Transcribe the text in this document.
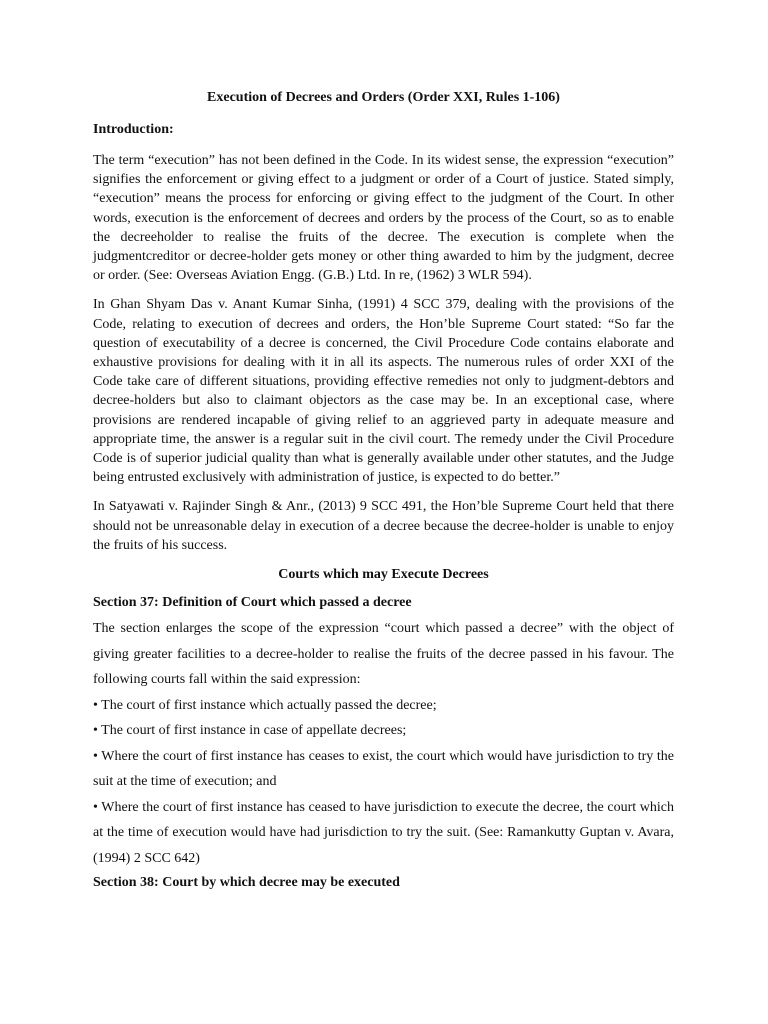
Execution of Decrees and Orders (Order XXI, Rules 1-106)
Introduction:

The term “execution” has not been defined in the Code. In its widest sense, the expression “execution” signifies the enforcement or giving effect to a judgment or order of a Court of justice. Stated simply, “execution” means the process for enforcing or giving effect to the judgment of the Court. In other words, execution is the enforcement of decrees and orders by the process of the Court, so as to enable the decreeholder to realise the fruits of the decree. The execution is complete when the judgmentcreditor or decree-holder gets money or other thing awarded to him by the judgment, decree or order. (See: Overseas Aviation Engg. (G.B.) Ltd. In re, (1962) 3 WLR 594).

In Ghan Shyam Das v. Anant Kumar Sinha, (1991) 4 SCC 379, dealing with the provisions of the Code, relating to execution of decrees and orders, the Hon’ble Supreme Court stated: “So far the question of executability of a decree is concerned, the Civil Procedure Code contains elaborate and exhaustive provisions for dealing with it in all its aspects. The numerous rules of order XXI of the Code take care of different situations, providing effective remedies not only to judgment-debtors and decree-holders but also to claimant objectors as the case may be. In an exceptional case, where provisions are rendered incapable of giving relief to an aggrieved party in adequate measure and appropriate time, the answer is a regular suit in the civil court. The remedy under the Civil Procedure Code is of superior judicial quality than what is generally available under other statutes, and the Judge being entrusted exclusively with administration of justice, is expected to do better.”

In Satyawati v. Rajinder Singh & Anr., (2013) 9 SCC 491, the Hon’ble Supreme Court held that there should not be unreasonable delay in execution of a decree because the decree-holder is unable to enjoy the fruits of his success.

Courts which may Execute Decrees
Section 37: Definition of Court which passed a decree

The section enlarges the scope of the expression “court which passed a decree” with the object of giving greater facilities to a decree-holder to realise the fruits of the decree passed in his favour. The following courts fall within the said expression:

• The court of first instance which actually passed the decree;

• The court of first instance in case of appellate decrees;

• Where the court of first instance has ceases to exist, the court which would have jurisdiction to try the suit at the time of execution; and

• Where the court of first instance has ceased to have jurisdiction to execute the decree, the court which at the time of execution would have had jurisdiction to try the suit. (See: Ramankutty Guptan v. Avara, (1994) 2 SCC 642)

Section 38: Court by which decree may be executed
